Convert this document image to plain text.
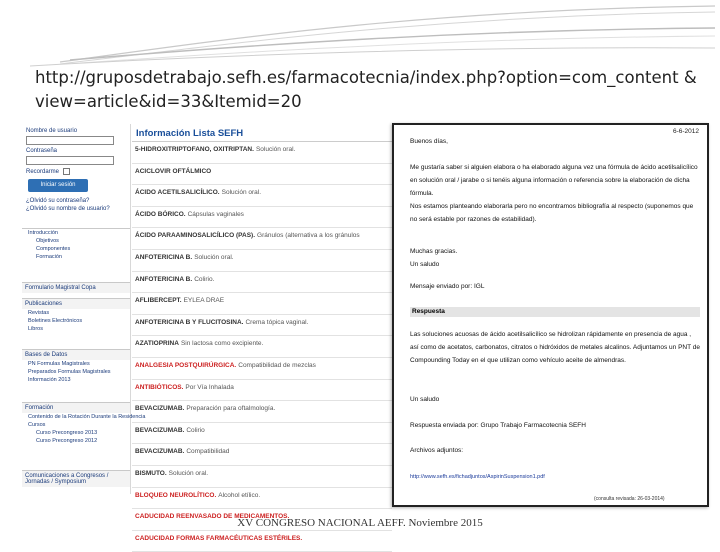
http://gruposdetrabajo.sefh.es/farmacotecnia/index.php?option=com_content &view=article&id=33&Itemid=20
Nombre de usuario
Contraseña
Recordarme
Iniciar sesión
¿Olvidó su contraseña?
¿Olvidó su nombre de usuario?
Introducción
Objetivos
Componentes
Formación
Formulario Magistral Copa
Publicaciones
Revistas
Boletines Electrónicos
Libros
Bases de Datos
PN Formulas Magistrales
Preparados Formulas Magistrales
Información 2013
Formación
Contenido de la Rotación Durante la Residencia
Cursos
Curso Precongreso 2013
Curso Precongreso 2012
Comunicaciones a Congresos / Jornadas / Symposium
Información Lista SEFH
5-HIDROXITRIPTOFANO, OXITRIPTAN. Solución oral.
ACICLOVIR OFTÁLMICO
ÁCIDO ACETILSALICÍLICO. Solución oral.
ÁCIDO BÓRICO. Cápsulas vaginales
ÁCIDO PARAAMINOSALICÍLICO (PAS). Gránulos (alternativa a los gránulos
ANFOTERICINA B. Solución oral.
ANFOTERICINA B. Colirio.
AFLIBERCEPT. EYLEA DRAE
ANFOTERICINA B Y FLUCITOSINA. Crema tópica vaginal.
AZATIOPRINA Sin lactosa como excipiente.
ANALGESIA POSTQUIRÚRGICA. Compatibilidad de mezclas
ANTIBIÓTICOS. Por Vía Inhalada
BEVACIZUMAB. Preparación para oftalmología.
BEVACIZUMAB. Colirio
BEVACIZUMAB. Compatibilidad
BISMUTO. Solución oral.
BLOQUEO NEUROLÍTICO. Alcohol etílico.
CADUCIDAD REENVASADO DE MEDICAMENTOS.
CADUCIDAD FORMAS FARMACÉUTICAS ESTÉRILES.
6-6-2012
Buenos días,
Me gustaría saber si alguien elabora o ha elaborado alguna vez una fórmula de ácido acetilsalicílico en solución oral / jarabe o si tenéis alguna información o referencia sobre la elaboración de dicha fórmula.
Nos estamos planteando elaborarla pero no encontramos bibliografía al respecto (suponemos que no será estable por razones de estabilidad).
Muchas gracias.
Un saludo
Mensaje enviado por: IGL
Respuesta
Las soluciones acuosas de ácido acetilsalicílico se hidrolizan rápidamente en presencia de agua , así como de acetatos, carbonatos, citratos o hidróxidos de metales alcalinos. Adjuntamos un PNT de Compounding Today en el que utilizan como vehículo aceite de almendras.
Un saludo
Respuesta enviada por: Grupo Trabajo Farmacotecnia SEFH
Archivos adjuntos:
http://www.sefh.es/fichadjuntos/AspirinSuspension1.pdf
(consulta revisada: 26-03-2014)
XV CONGRESO NACIONAL AEFF. Noviembre 2015
